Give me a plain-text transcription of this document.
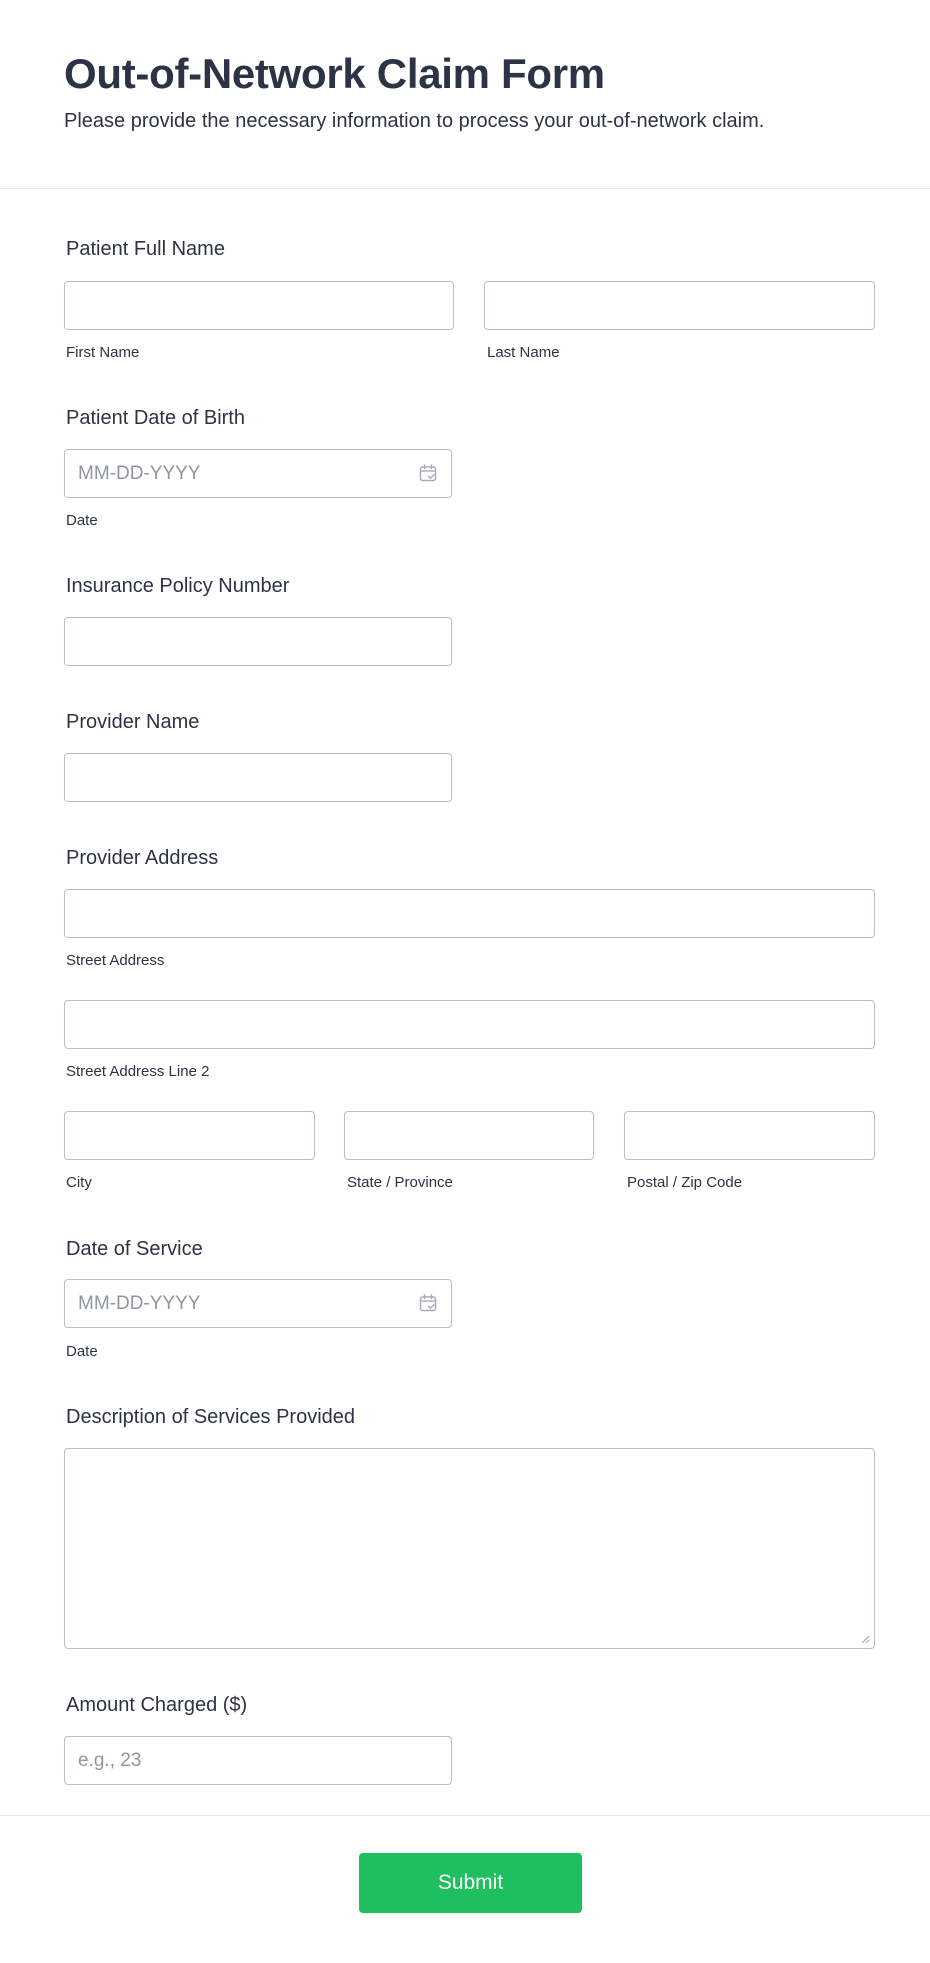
Out-of-Network Claim Form

Please provide the necessary information to process your out-of-network claim.

Patient Full Name
First Name	Last Name
Patient Date of Birth
MM-DD-YYYY
Date
Insurance Policy Number
Provider Name
Provider Address
Street Address
Street Address Line 2
City	State / Province	Postal / Zip Code
Date of Service
MM-DD-YYYY
Date
Description of Services Provided
Amount Charged ($)
e.g., 23
Submit
